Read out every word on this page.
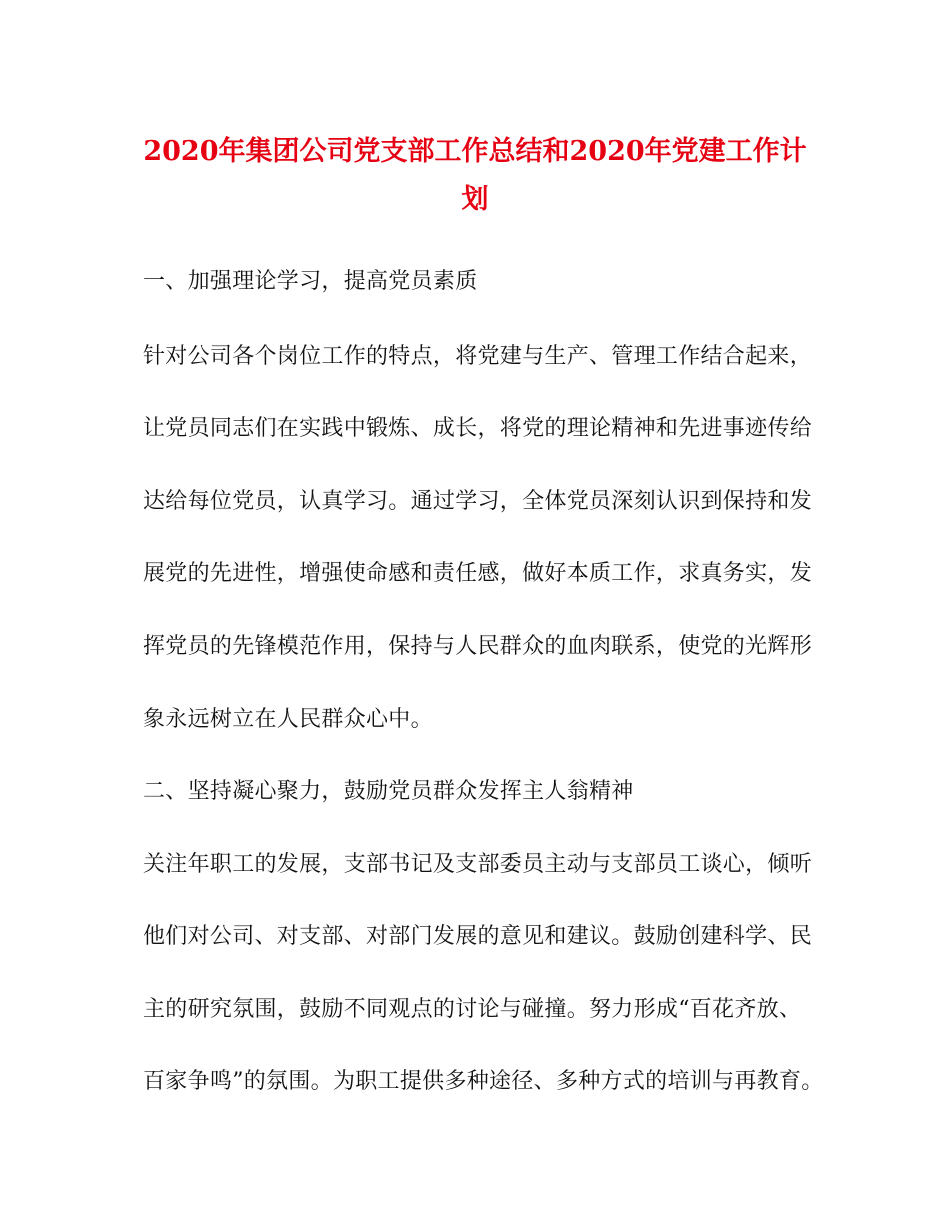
2020年集团公司党支部工作总结和2020年党建工作计
划

一、加强理论学习，提高党员素质

针对公司各个岗位工作的特点，将党建与生产、管理工作结合起来，

让党员同志们在实践中锻炼、成长，将党的理论精神和先进事迹传给

达给每位党员，认真学习。通过学习，全体党员深刻认识到保持和发

展党的先进性，增强使命感和责任感，做好本质工作，求真务实，发

挥党员的先锋模范作用，保持与人民群众的血肉联系，使党的光辉形

象永远树立在人民群众心中。

二、坚持凝心聚力，鼓励党员群众发挥主人翁精神

关注年职工的发展，支部书记及支部委员主动与支部员工谈心，倾听

他们对公司、对支部、对部门发展的意见和建议。鼓励创建科学、民

主的研究氛围，鼓励不同观点的讨论与碰撞。努力形成“百花齐放、

百家争鸣”的氛围。为职工提供多种途径、多种方式的培训与再教育。
